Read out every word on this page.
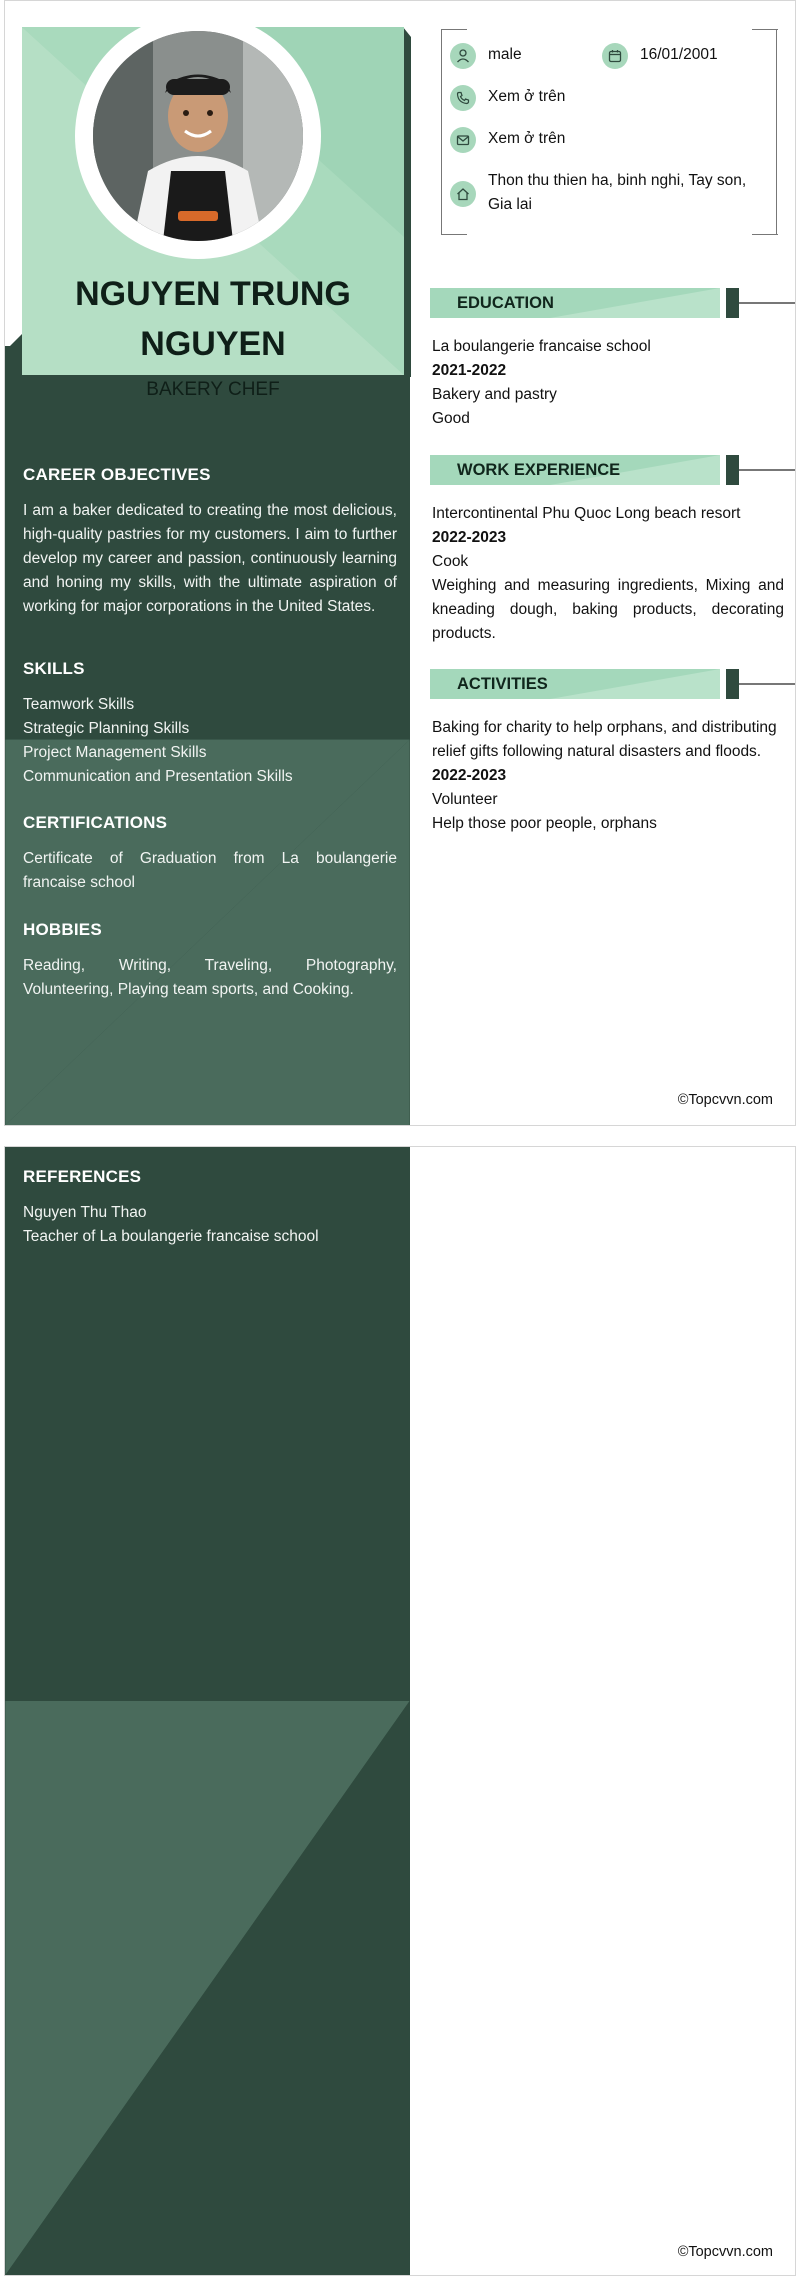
NGUYEN TRUNG
NGUYEN
BAKERY CHEF
CAREER OBJECTIVES
I am a baker dedicated to creating the most delicious, high-quality pastries for my customers. I aim to further develop my career and passion, continuously learning and honing my skills, with the ultimate aspiration of working for major corporations in the United States.
SKILLS
Teamwork Skills
Strategic Planning Skills
Project Management Skills
Communication and Presentation Skills
CERTIFICATIONS
Certificate of Graduation from La boulangerie francaise school
HOBBIES
Reading, Writing, Traveling, Photography, Volunteering, Playing team sports, and Cooking.
male	16/01/2001
Xem ở trên
Xem ở trên
Thon thu thien ha, binh nghi, Tay son, Gia lai
EDUCATION
La boulangerie francaise school
2021-2022
Bakery and pastry
Good
WORK EXPERIENCE
Intercontinental Phu Quoc Long beach resort
2022-2023
Cook
Weighing and measuring ingredients, Mixing and kneading dough, baking products, decorating products.
ACTIVITIES
Baking for charity to help orphans, and distributing relief gifts following natural disasters and floods.
2022-2023
Volunteer
Help those poor people, orphans
©Topcvvn.com
REFERENCES
Nguyen Thu Thao
Teacher of La boulangerie francaise school
©Topcvvn.com
